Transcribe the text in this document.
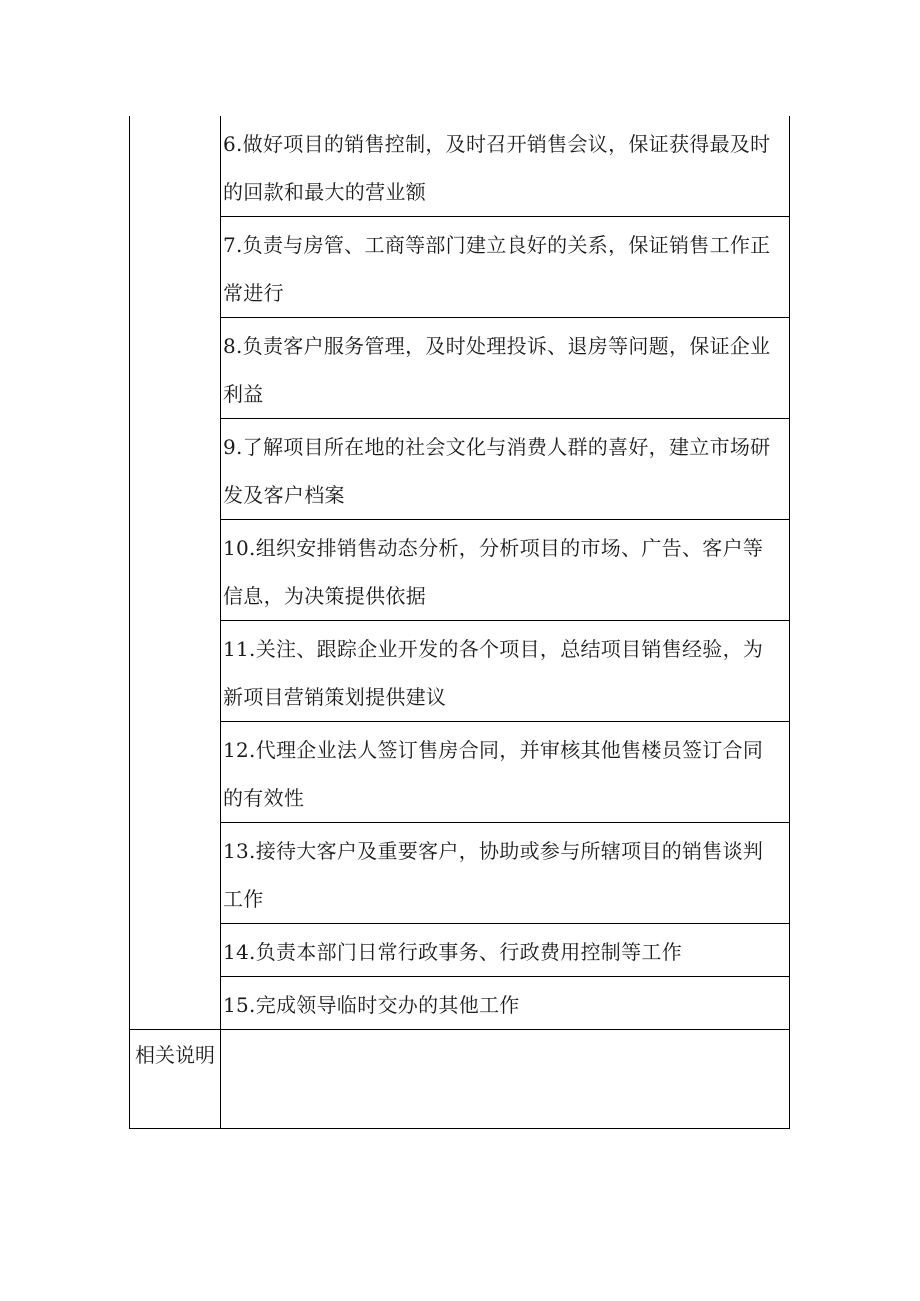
	6.做好项目的销售控制，及时召开销售会议，保证获得最及时的回款和最大的营业额
	7.负责与房管、工商等部门建立良好的关系，保证销售工作正常进行
	8.负责客户服务管理，及时处理投诉、退房等问题，保证企业利益
	9.了解项目所在地的社会文化与消费人群的喜好，建立市场研发及客户档案
	10.组织安排销售动态分析，分析项目的市场、广告、客户等信息，为决策提供依据
	11.关注、跟踪企业开发的各个项目，总结项目销售经验，为新项目营销策划提供建议
	12.代理企业法人签订售房合同，并审核其他售楼员签订合同的有效性
	13.接待大客户及重要客户，协助或参与所辖项目的销售谈判工作
	14.负责本部门日常行政事务、行政费用控制等工作
	15.完成领导临时交办的其他工作
相关说明	
